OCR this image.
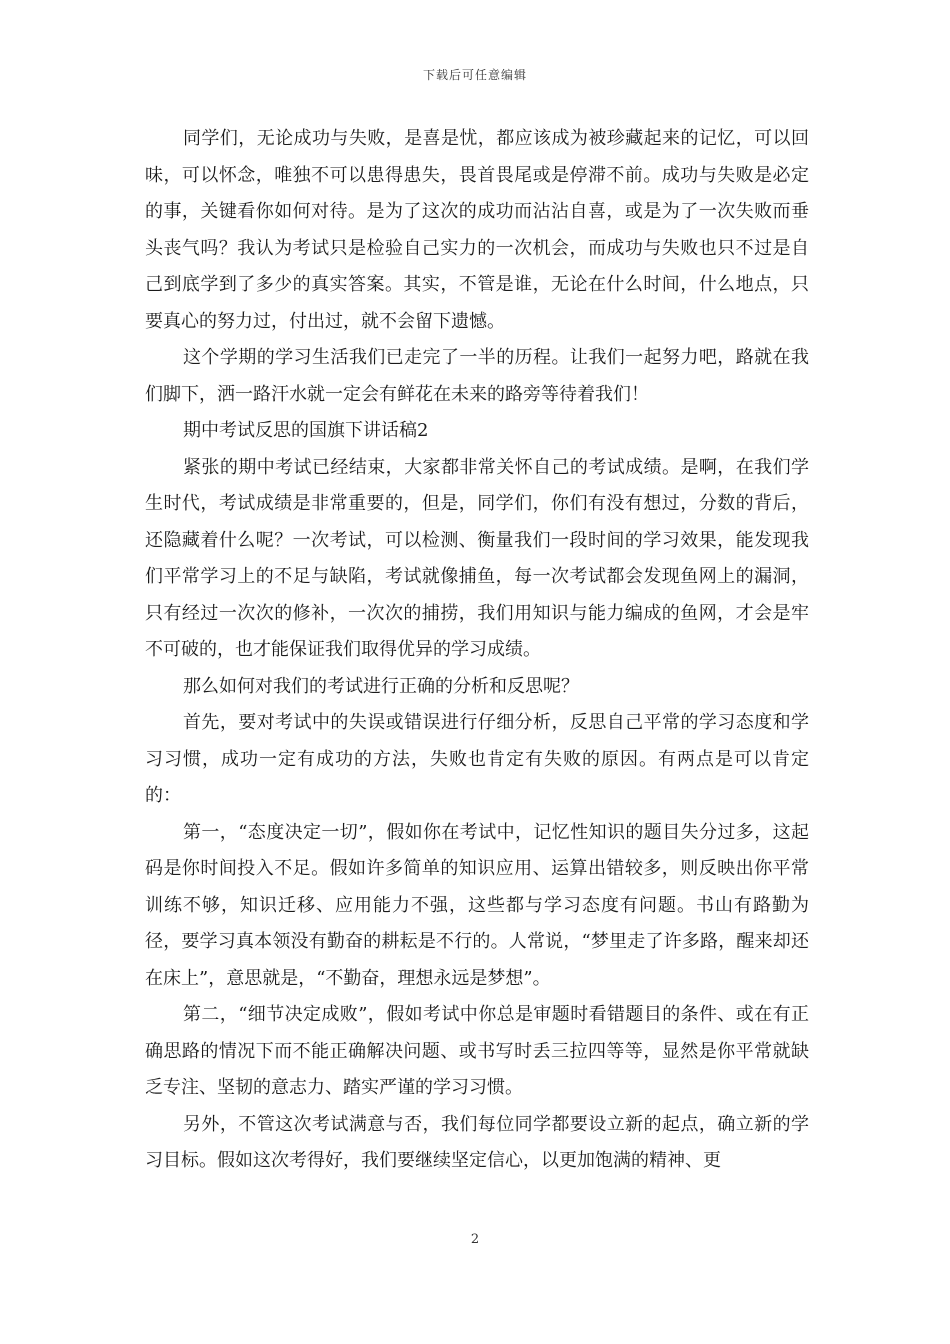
下载后可任意编辑

同学们，无论成功与失败，是喜是忧，都应该成为被珍藏起来的记忆，可以回味，可以怀念，唯独不可以患得患失，畏首畏尾或是停滞不前。成功与失败是必定的事，关键看你如何对待。是为了这次的成功而沾沾自喜，或是为了一次失败而垂头丧气吗？我认为考试只是检验自己实力的一次机会，而成功与失败也只不过是自己到底学到了多少的真实答案。其实，不管是谁，无论在什么时间，什么地点，只要真心的努力过，付出过，就不会留下遗憾。

这个学期的学习生活我们已走完了一半的历程。让我们一起努力吧，路就在我们脚下，洒一路汗水就一定会有鲜花在未来的路旁等待着我们！

期中考试反思的国旗下讲话稿2

紧张的期中考试已经结束，大家都非常关怀自己的考试成绩。是啊，在我们学生时代，考试成绩是非常重要的，但是，同学们，你们有没有想过，分数的背后，还隐藏着什么呢？一次考试，可以检测、衡量我们一段时间的学习效果，能发现我们平常学习上的不足与缺陷，考试就像捕鱼，每一次考试都会发现鱼网上的漏洞，只有经过一次次的修补，一次次的捕捞，我们用知识与能力编成的鱼网，才会是牢不可破的，也才能保证我们取得优异的学习成绩。

那么如何对我们的考试进行正确的分析和反思呢？

首先，要对考试中的失误或错误进行仔细分析，反思自己平常的学习态度和学习习惯，成功一定有成功的方法，失败也肯定有失败的原因。有两点是可以肯定的：

第一，“态度决定一切”，假如你在考试中，记忆性知识的题目失分过多，这起码是你时间投入不足。假如许多简单的知识应用、运算出错较多，则反映出你平常训练不够，知识迁移、应用能力不强，这些都与学习态度有问题。书山有路勤为径，要学习真本领没有勤奋的耕耘是不行的。人常说，“梦里走了许多路，醒来却还在床上”，意思就是，“不勤奋，理想永远是梦想”。

第二，“细节决定成败”，假如考试中你总是审题时看错题目的条件、或在有正确思路的情况下而不能正确解决问题、或书写时丢三拉四等等，显然是你平常就缺乏专注、坚韧的意志力、踏实严谨的学习习惯。

另外，不管这次考试满意与否，我们每位同学都要设立新的起点，确立新的学习目标。假如这次考得好，我们要继续坚定信心，以更加饱满的精神、更

2
